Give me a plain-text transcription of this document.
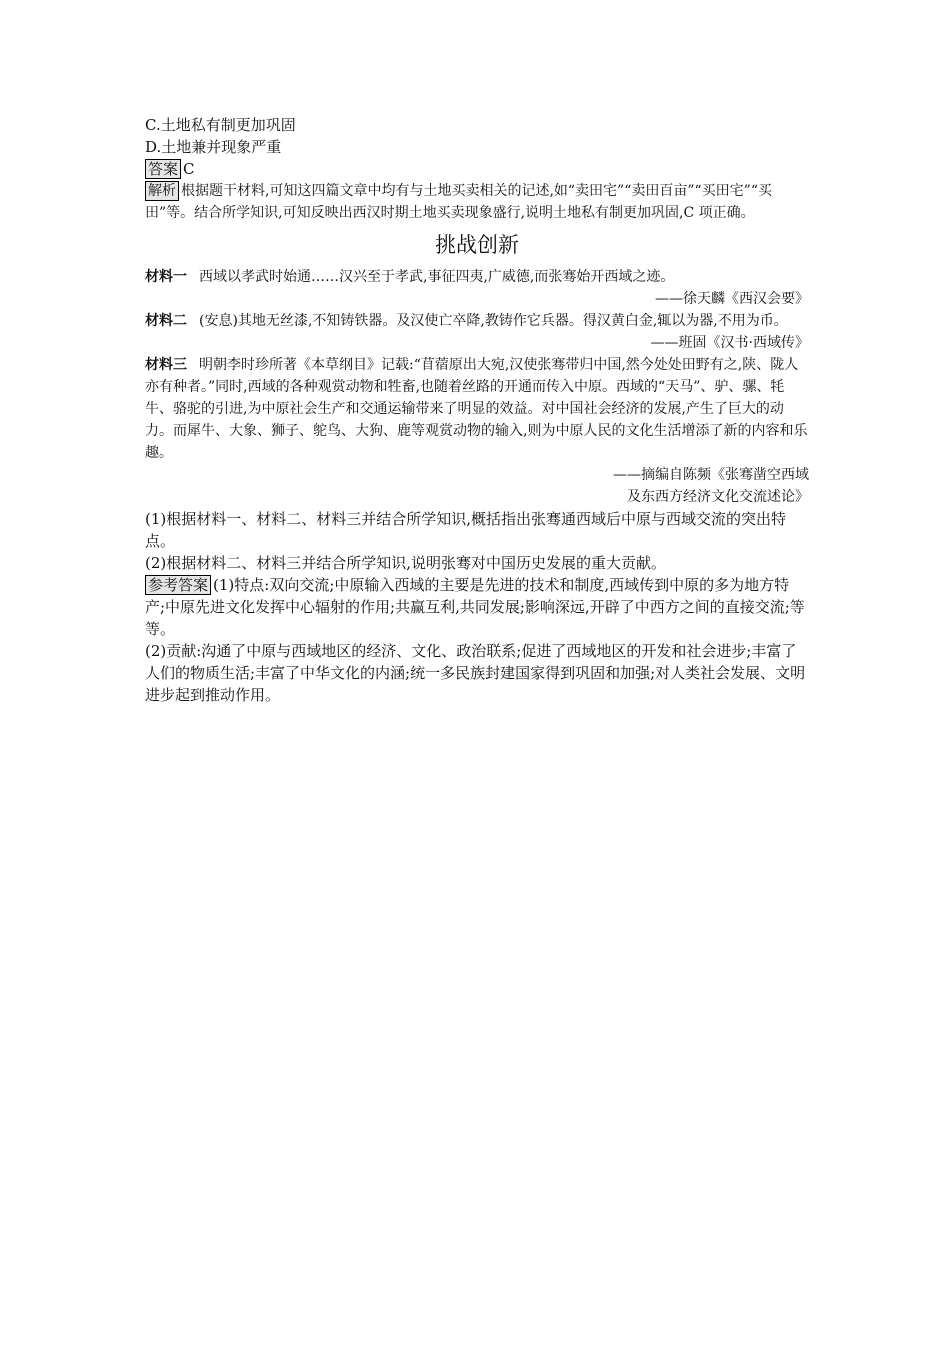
C.土地私有制更加巩固

D.土地兼并现象严重

答案 C

解析 根据题干材料,可知这四篇文章中均有与土地买卖相关的记述,如“卖田宅”“卖田百亩”“买田宅”“买田”等。结合所学知识,可知反映出西汉时期土地买卖现象盛行,说明土地私有制更加巩固,C 项正确。

挑战创新

材料一 西域以孝武时始通……汉兴至于孝武,事征四夷,广威德,而张骞始开西域之迹。

——徐天麟《西汉会要》

材料二 (安息)其地无丝漆,不知铸铁器。及汉使亡卒降,教铸作它兵器。得汉黄白金,辄以为器,不用为币。

——班固《汉书·西域传》

材料三 明朝李时珍所著《本草纲目》记载:“苜蓿原出大宛,汉使张骞带归中国,然今处处田野有之,陕、陇人亦有种者。”同时,西域的各种观赏动物和牲畜,也随着丝路的开通而传入中原。西域的“天马”、驴、骡、牦牛、骆驼的引进,为中原社会生产和交通运输带来了明显的效益。对中国社会经济的发展,产生了巨大的动力。而犀牛、大象、狮子、鸵鸟、大狗、鹿等观赏动物的输入,则为中原人民的文化生活增添了新的内容和乐趣。

——摘编自陈频《张骞凿空西域

及东西方经济文化交流述论》

(1)根据材料一、材料二、材料三并结合所学知识,概括指出张骞通西域后中原与西域交流的突出特点。

(2)根据材料二、材料三并结合所学知识,说明张骞对中国历史发展的重大贡献。

参考答案 (1)特点:双向交流;中原输入西域的主要是先进的技术和制度,西域传到中原的多为地方特产;中原先进文化发挥中心辐射的作用;共赢互利,共同发展;影响深远,开辟了中西方之间的直接交流;等等。

(2)贡献:沟通了中原与西域地区的经济、文化、政治联系;促进了西域地区的开发和社会进步;丰富了人们的物质生活;丰富了中华文化的内涵;统一多民族封建国家得到巩固和加强;对人类社会发展、文明进步起到推动作用。
